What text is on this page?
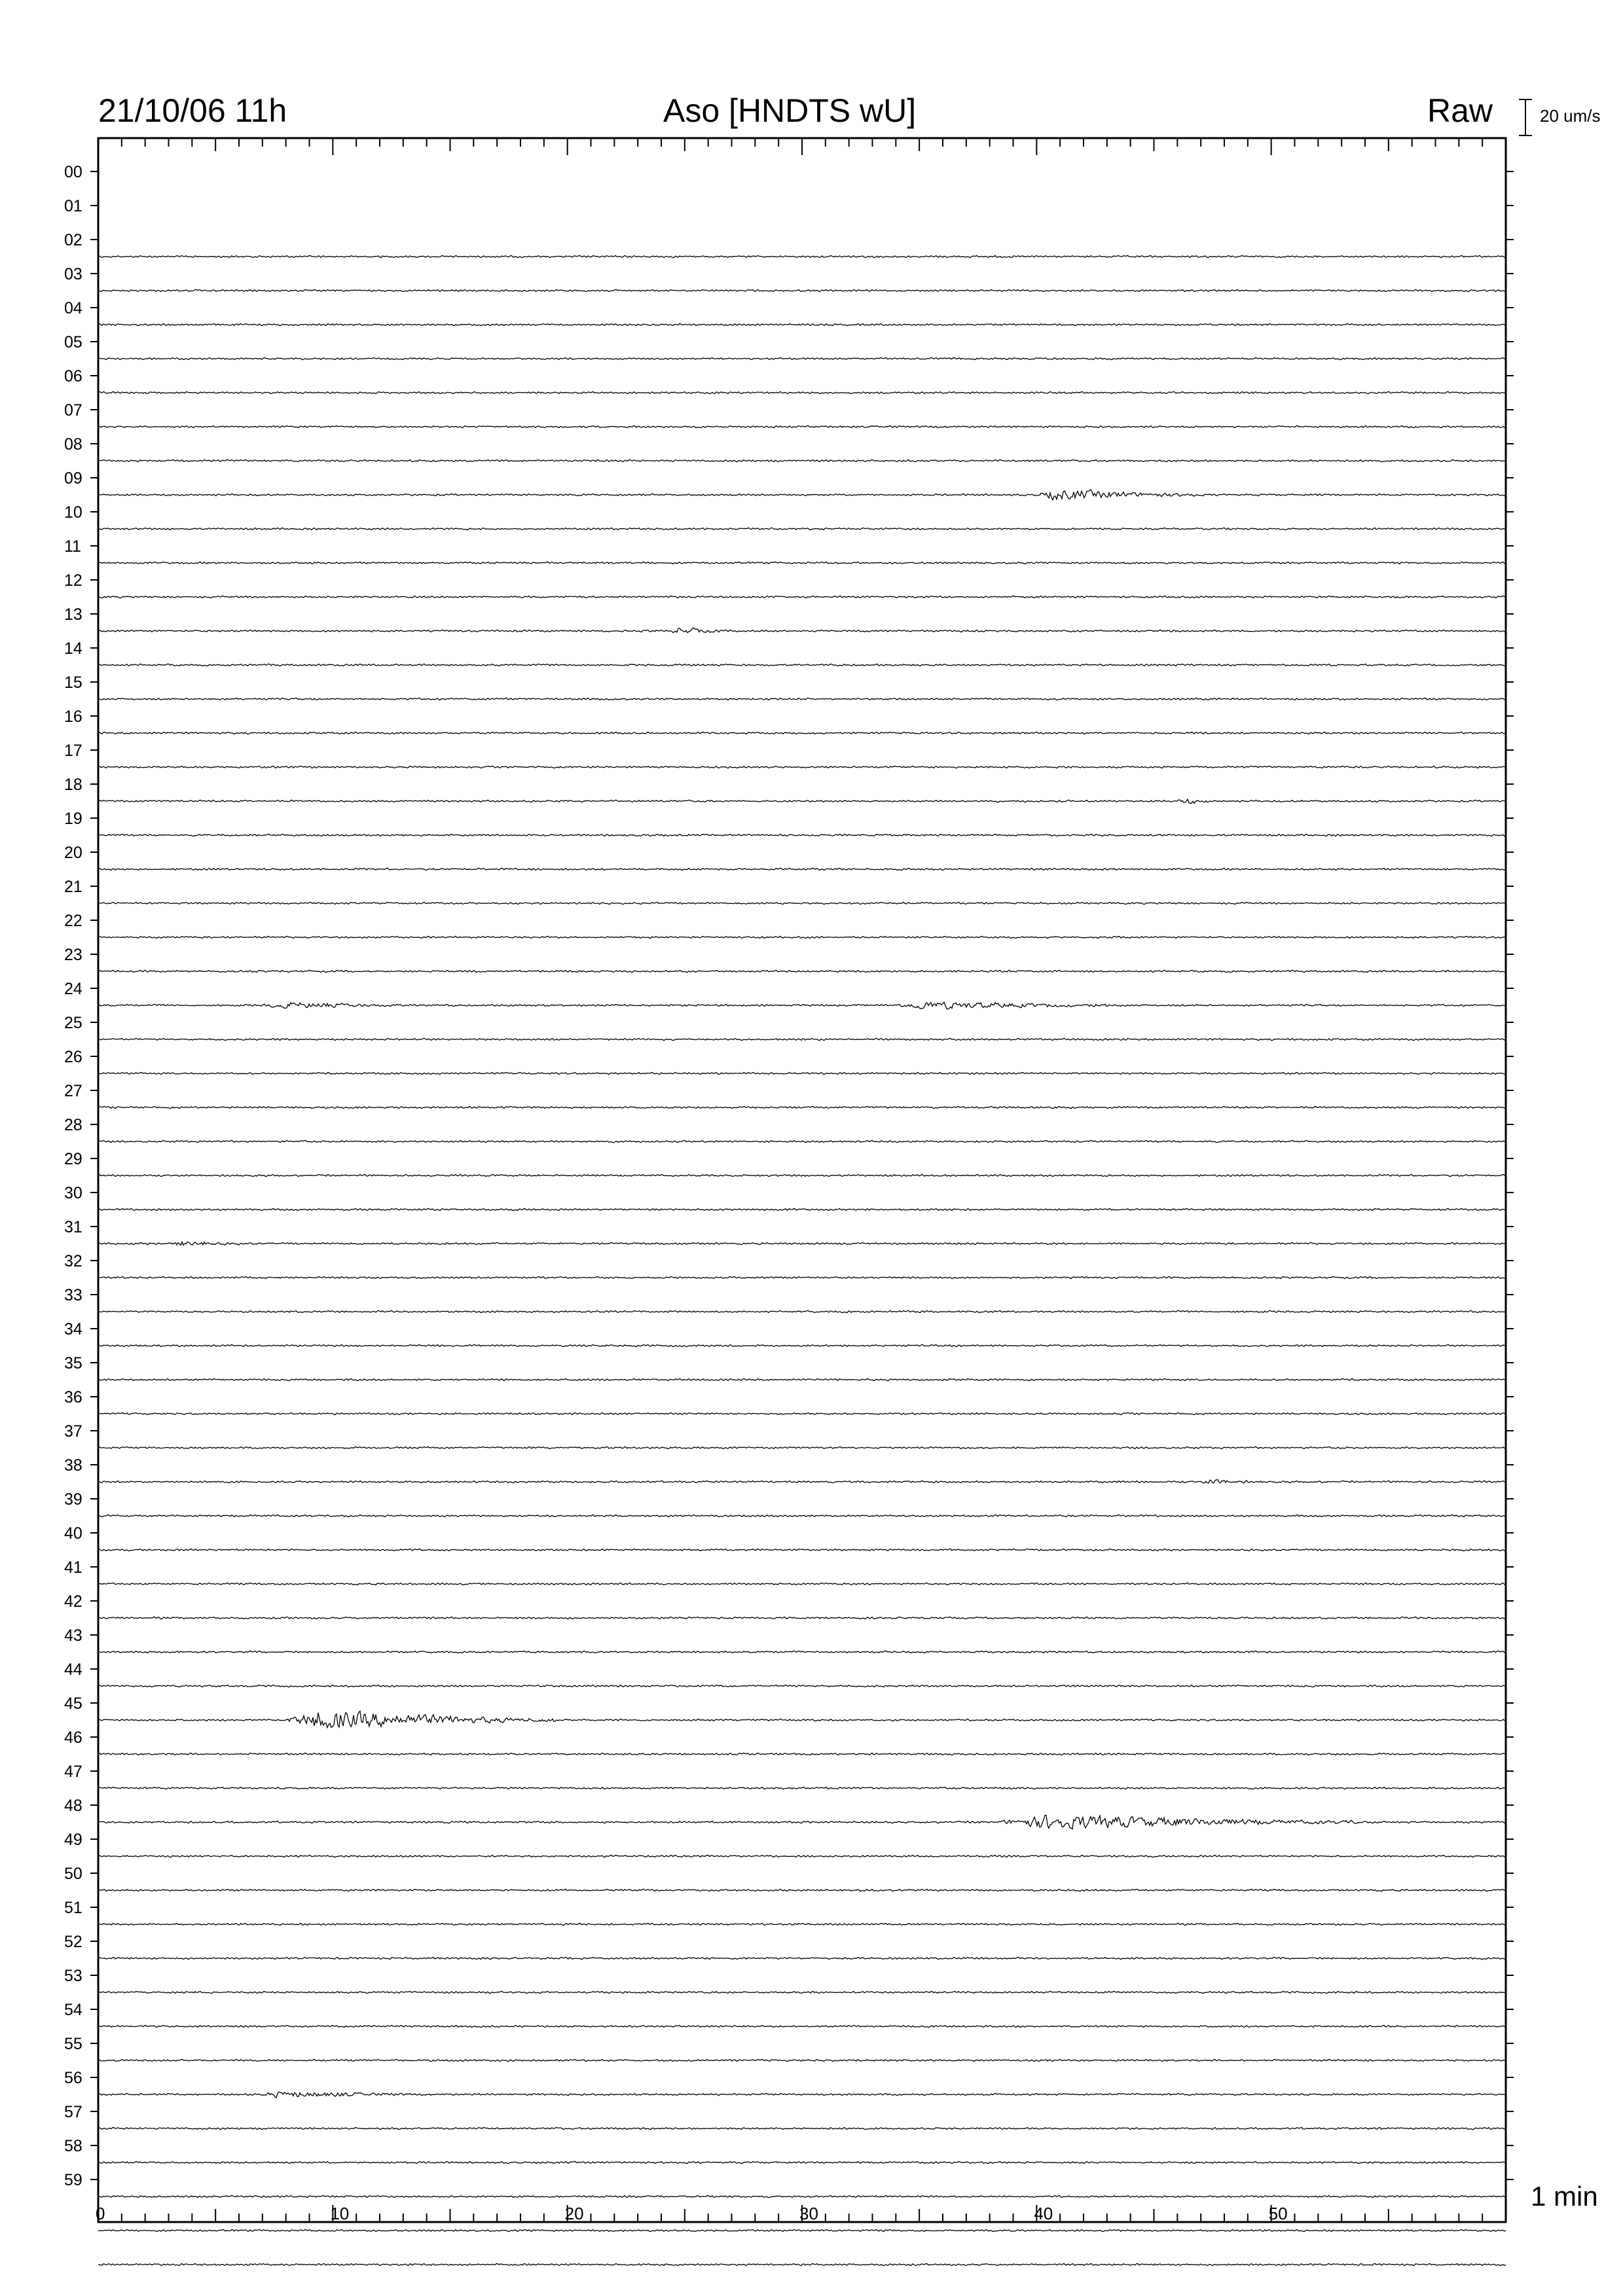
00
01
02
03
04
05
06
07
08
09
10
11
12
13
14
15
16
17
18
19
20
21
22
23
24
25
26
27
28
29
30
31
32
33
34
35
36
37
38
39
40
41
42
43
44
45
46
47
48
49
50
51
52
53
54
55
56
57
58
59
0	10	20	30	40	50
21/10/06 11h	Aso [HNDTS wU]	Raw	20 um/s
1 min
